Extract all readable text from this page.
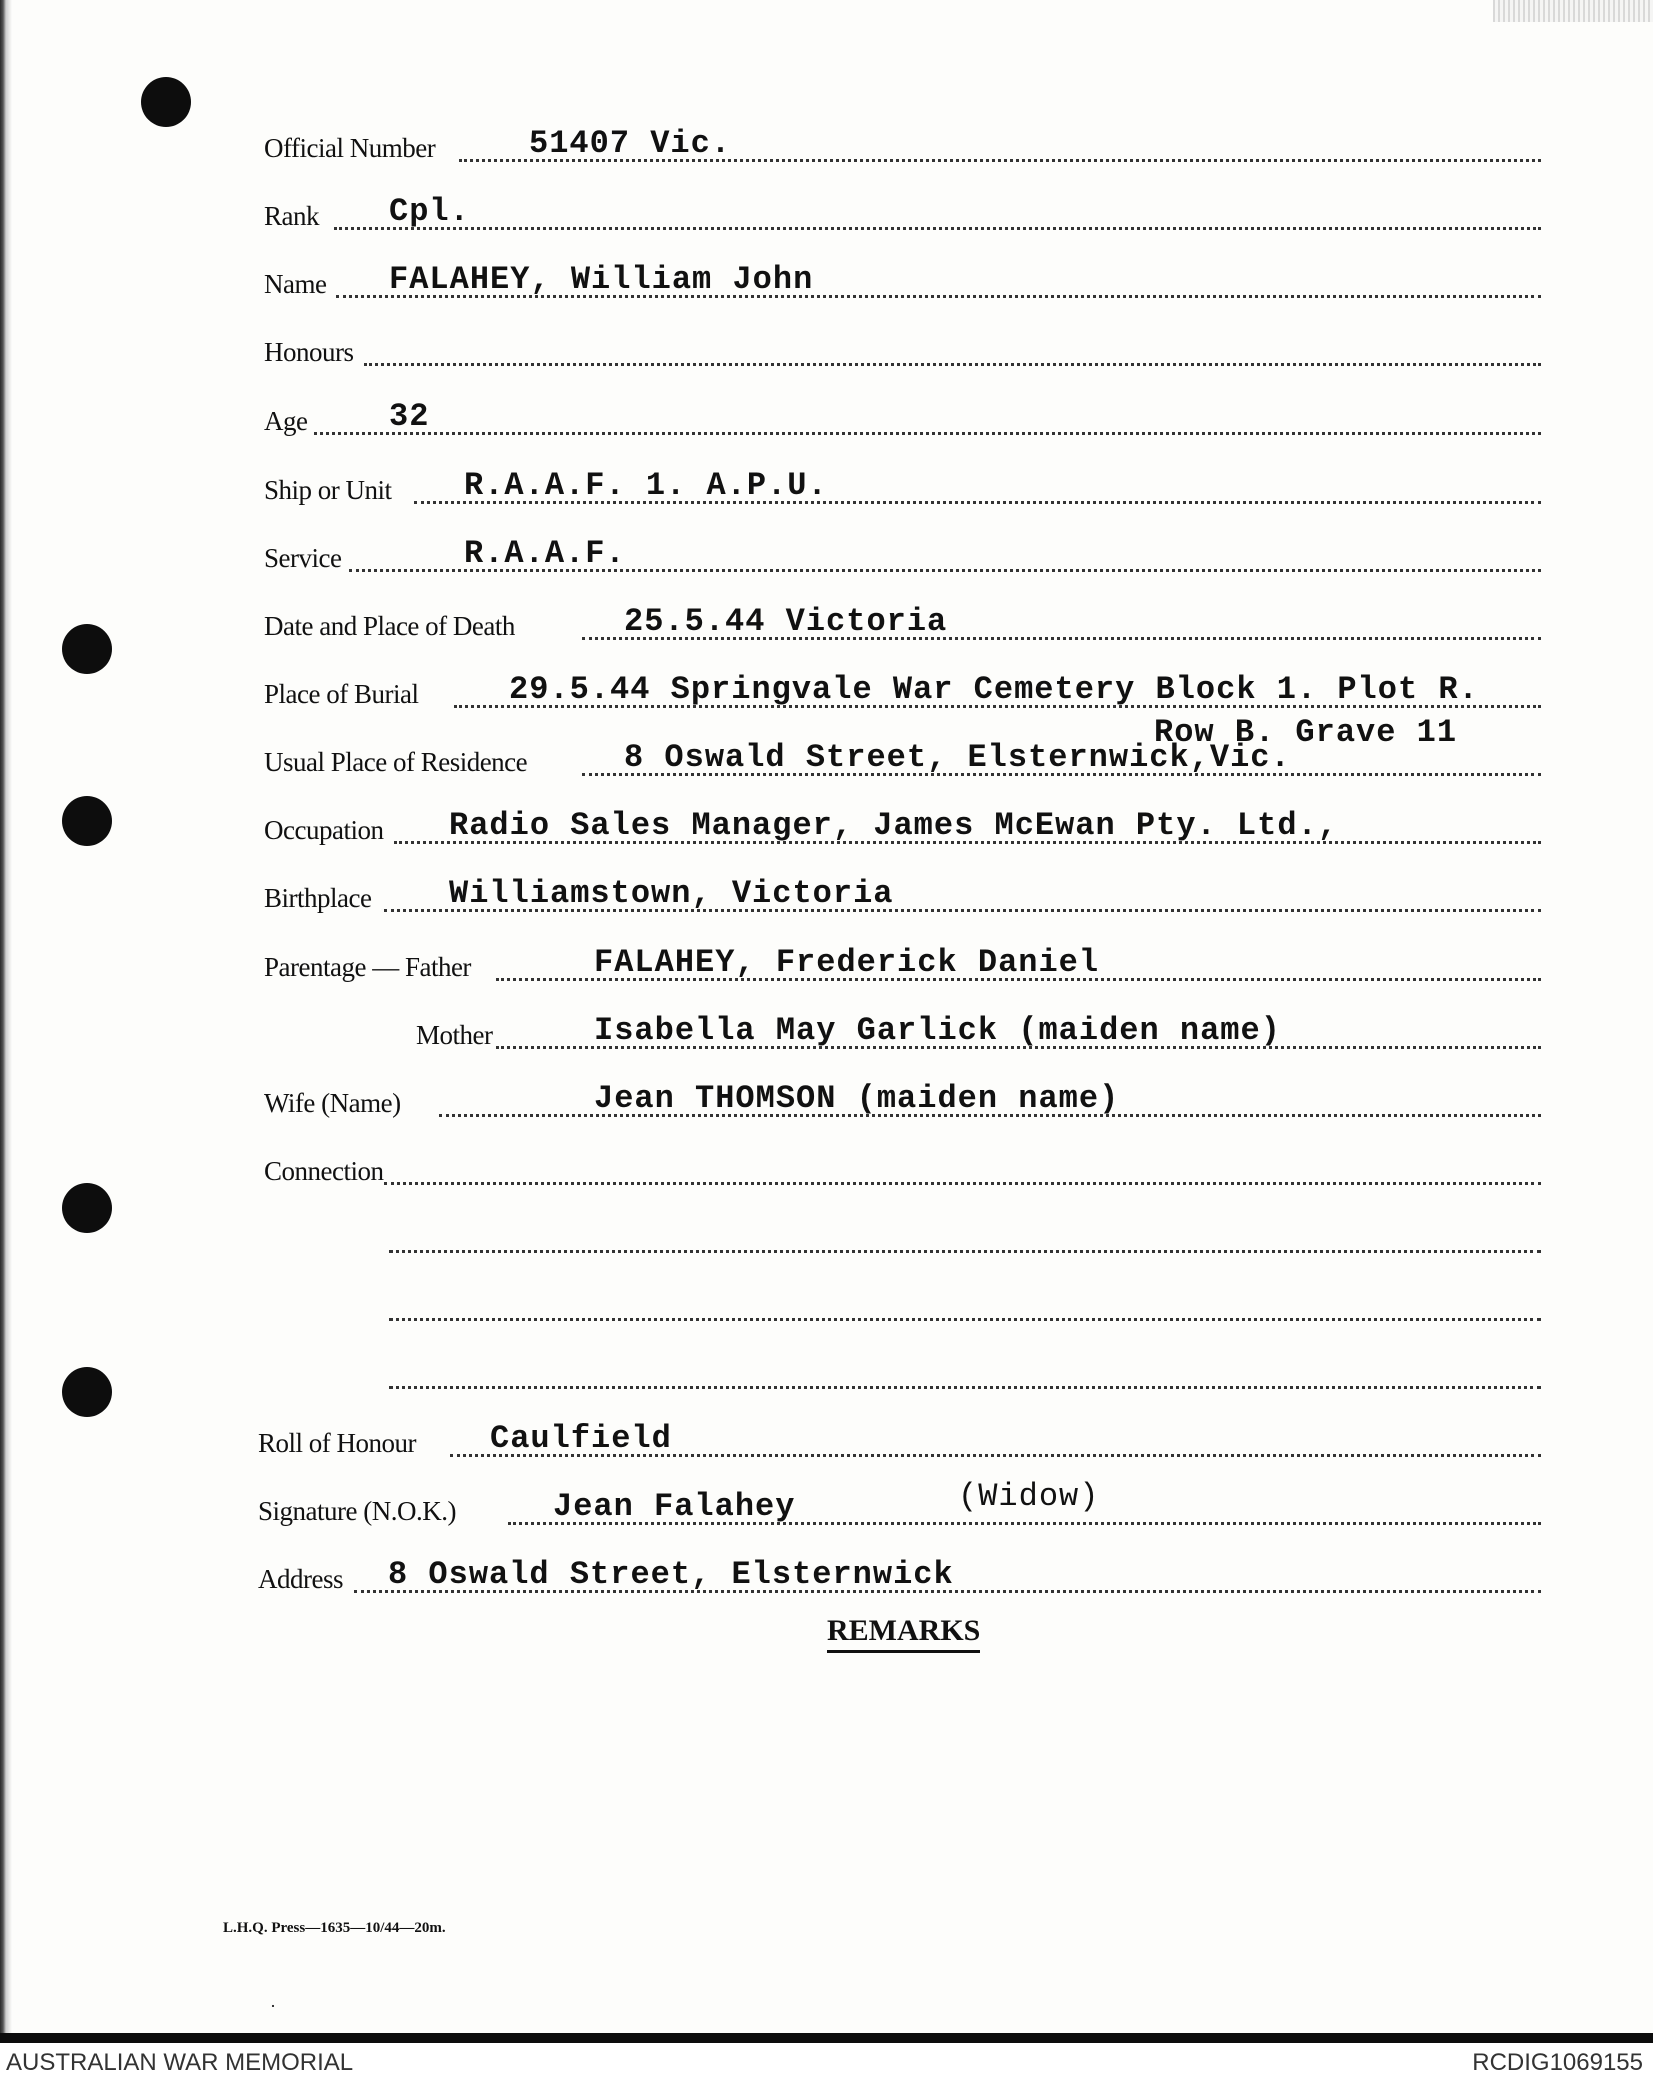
Official Number	51407 Vic.
Rank Cpl.
Name FALAHEY, William John
Honours
Age	32
Ship or Unit R.A.A.F. 1. A.P.U.
Service	R.A.A.F.
Date and Place of Death	25.5.44 Victoria
Place of Burial	29.5.44 Springvale War Cemetery Block 1. Plot R.
Row B. Grave 11
Usual Place of Residence	8 Oswald Street, Elsternwick,Vic.
Occupation Radio Sales Manager, James McEwan Pty. Ltd.,
Birthplace Williamstown, Victoria
Parentage — Father	FALAHEY, Frederick Daniel
Mother	Isabella May Garlick (maiden name)
Wife (Name)	Jean THOMSON (maiden name)
Connection
Roll of Honour Caulfield
Signature (N.O.K.)	Jean Falahey	(Widow)
Address 8 Oswald Street, Elsternwick
REMARKS
L.H.Q. Press—1635—10/44—20m.
·
AUSTRALIAN WAR MEMORIAL	RCDIG1069155
